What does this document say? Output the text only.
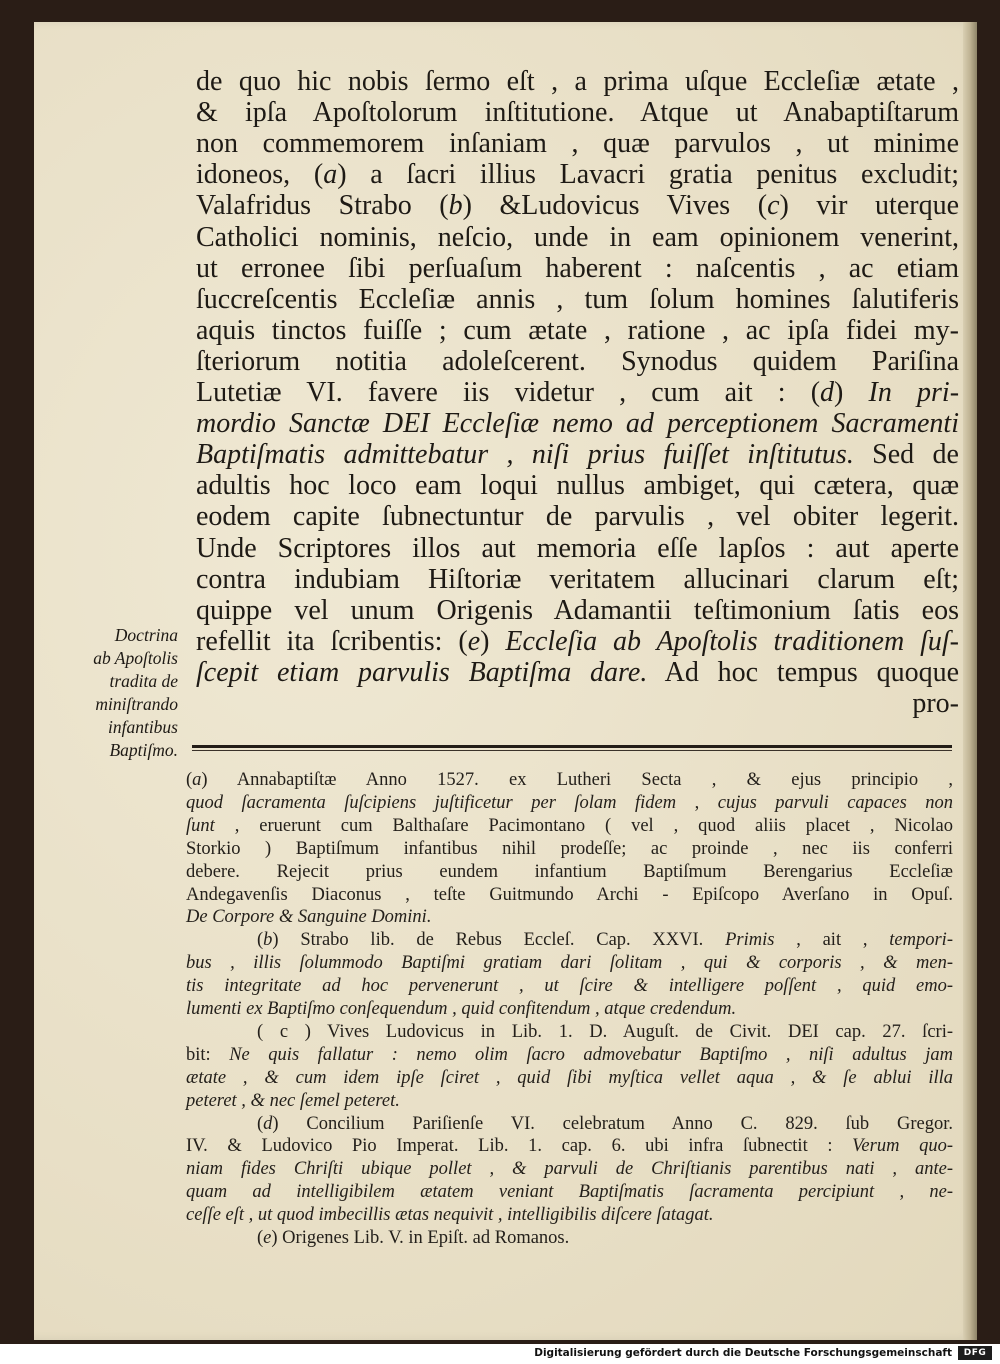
de quo hic nobis ſermo eſt , a prima uſque Eccleſiæ ætate ,

& ipſa Apoſtolorum inſtitutione. Atque ut Anabaptiſtarum

non commemorem inſaniam , quæ parvulos , ut minime

idoneos, (a) a ſacri illius Lavacri gratia penitus excludit;

Valafridus Strabo (b) &Ludovicus Vives (c) vir uterque

Catholici nominis, neſcio, unde in eam opinionem venerint,

ut erronee ſibi perſuaſum haberent : naſcentis , ac etiam

ſuccreſcentis Eccleſiæ annis , tum ſolum homines ſalutiferis

aquis tinctos fuiſſe ; cum ætate , ratione , ac ipſa fidei my-

ſteriorum notitia adoleſcerent. Synodus quidem Pariſina

Lutetiæ VI. favere iis videtur , cum ait : (d) In pri-

mordio Sanctæ DEI Eccleſiæ nemo ad perceptionem Sacramenti

Baptiſmatis admittebatur , niſi prius fuiſſet inſtitutus. Sed de

adultis hoc loco eam loqui nullus ambiget, qui cætera, quæ

eodem capite ſubnectuntur de parvulis , vel obiter legerit.

Unde Scriptores illos aut memoria eſſe lapſos : aut aperte

contra indubiam Hiſtoriæ veritatem allucinari clarum eſt;

quippe vel unum Origenis Adamantii teſtimonium ſatis eos

refellit ita ſcribentis: (e) Eccleſia ab Apoſtolis traditionem ſuſ-

ſcepit etiam parvulis Baptiſma dare. Ad hoc tempus quoque

pro-

Doctrina
ab Apoſtolis
tradita de
miniſtrando
infantibus
Baptiſmo.

(a) Annabaptiſtæ Anno 1527. ex Lutheri Secta , & ejus principio ,

quod ſacramenta ſuſcipiens juſtificetur per ſolam fidem , cujus parvuli capaces non

ſunt , eruerunt cum Balthaſare Pacimontano ( vel , quod aliis placet , Nicolao

Storkio ) Baptiſmum infantibus nihil prodeſſe; ac proinde , nec iis conferri

debere. Rejecit prius eundem infantium Baptiſmum Berengarius Eccleſiæ

Andegavenſis Diaconus , teſte Guitmundo Archi - Epiſcopo Averſano in Opuſ.

De Corpore & Sanguine Domini.

(b) Strabo lib. de Rebus Eccleſ. Cap. XXVI. Primis , ait , tempori-

bus , illis ſolummodo Baptiſmi gratiam dari ſolitam , qui & corporis , & men-

tis integritate ad hoc pervenerunt , ut ſcire & intelligere poſſent , quid emo-

lumenti ex Baptiſmo conſequendum , quid confitendum , atque credendum.

( c ) Vives Ludovicus in Lib. 1. D. Auguſt. de Civit. DEI cap. 27. ſcri-

bit: Ne quis fallatur : nemo olim ſacro admovebatur Baptiſmo , niſi adultus jam

ætate , & cum idem ipſe ſciret , quid ſibi myſtica vellet aqua , & ſe ablui illa

peteret , & nec ſemel peteret.

(d) Concilium Pariſienſe VI. celebratum Anno C. 829. ſub Gregor.

IV. & Ludovico Pio Imperat. Lib. 1. cap. 6. ubi infra ſubnectit : Verum quo-

niam fides Chriſti ubique pollet , & parvuli de Chriſtianis parentibus nati , ante-

quam ad intelligibilem ætatem veniant Baptiſmatis ſacramenta percipiunt , ne-

ceſſe eſt , ut quod imbecillis ætas nequivit , intelligibilis diſcere ſatagat.

(e) Origenes Lib. V. in Epiſt. ad Romanos.

Digitalisierung gefördert durch die Deutsche Forschungsgemeinschaft	DFG
